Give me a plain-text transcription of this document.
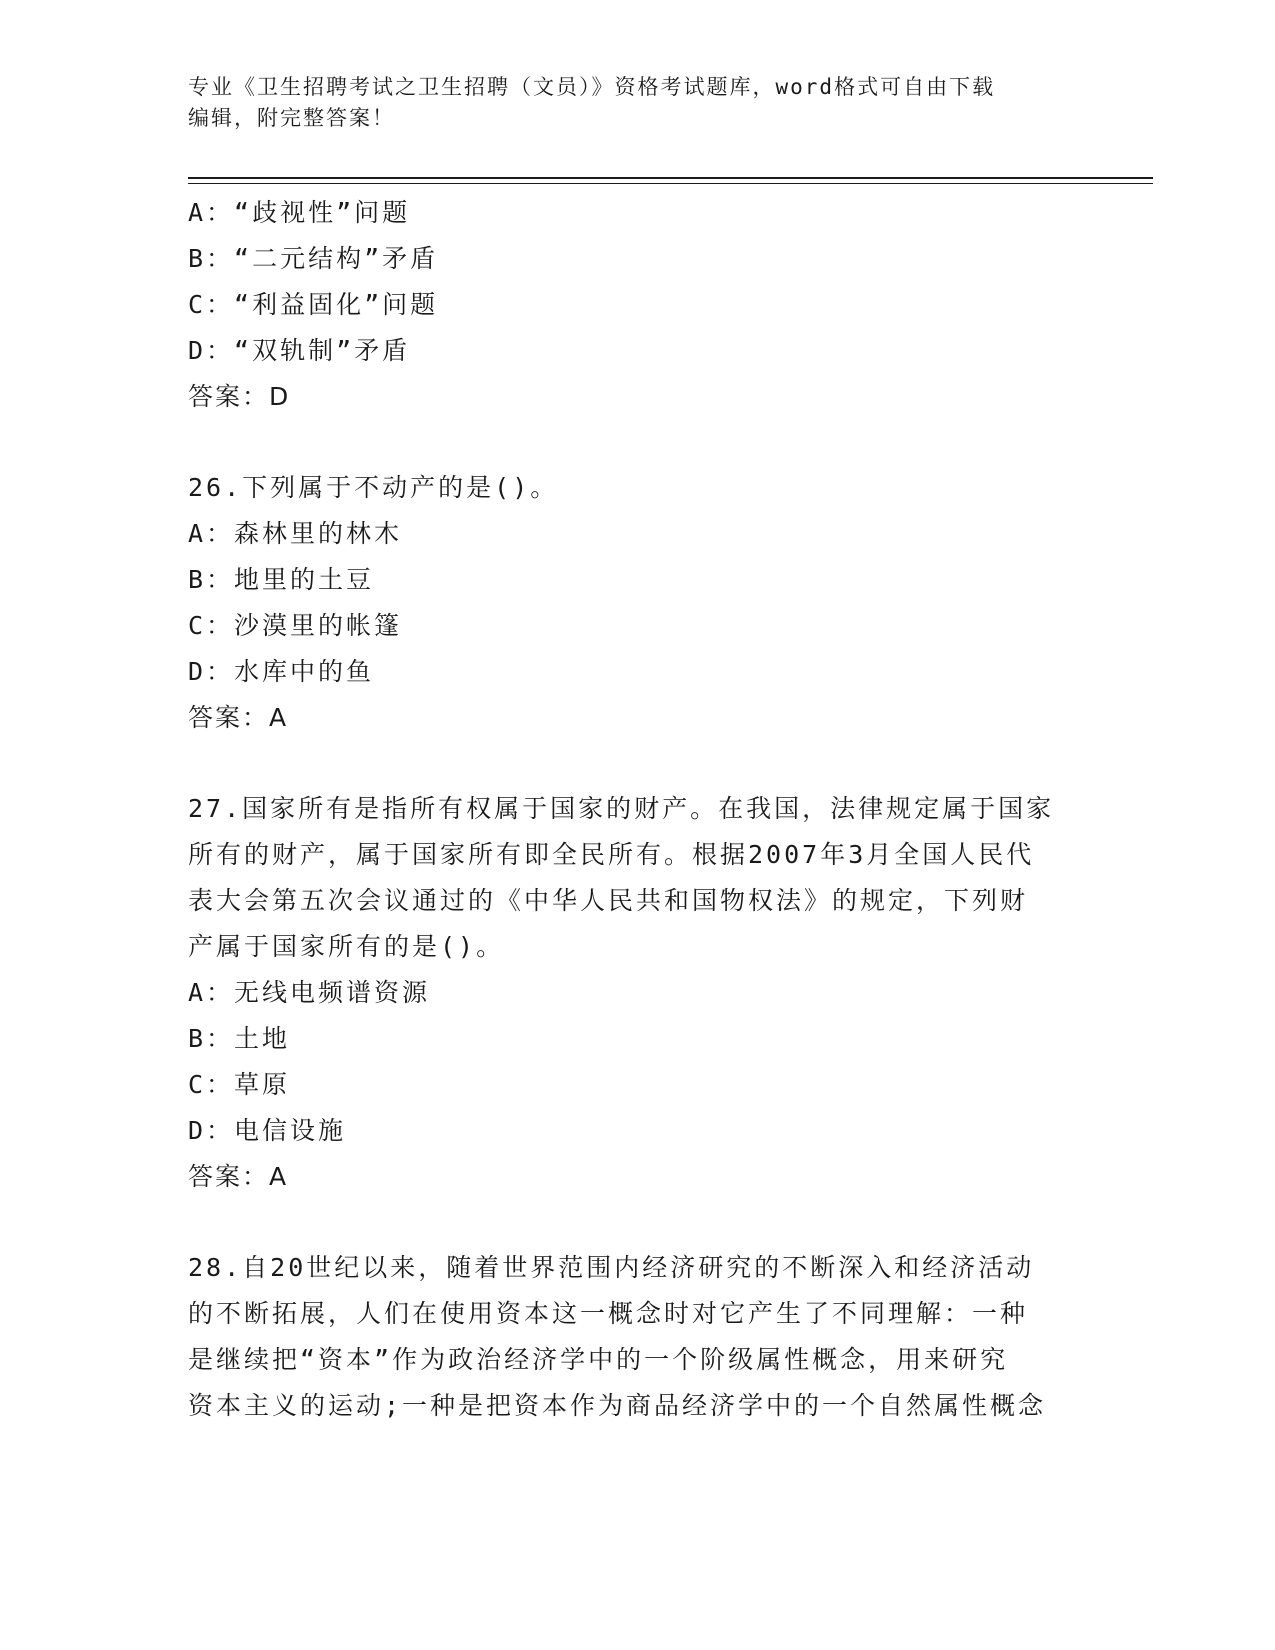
专业《卫生招聘考试之卫生招聘（文员）》资格考试题库，word格式可自由下载
编辑，附完整答案！
A：“歧视性”问题
B：“二元结构”矛盾
C：“利益固化”问题
D：“双轨制”矛盾
答案：D
26.下列属于不动产的是()。
A：森林里的林木
B：地里的土豆
C：沙漠里的帐篷
D：水库中的鱼
答案：A
27.国家所有是指所有权属于国家的财产。在我国，法律规定属于国家
所有的财产，属于国家所有即全民所有。根据2007年3月全国人民代
表大会第五次会议通过的《中华人民共和国物权法》的规定，下列财
产属于国家所有的是()。
A：无线电频谱资源
B：土地
C：草原
D：电信设施
答案：A
28.自20世纪以来，随着世界范围内经济研究的不断深入和经济活动
的不断拓展，人们在使用资本这一概念时对它产生了不同理解：一种
是继续把“资本”作为政治经济学中的一个阶级属性概念，用来研究
资本主义的运动;一种是把资本作为商品经济学中的一个自然属性概念
